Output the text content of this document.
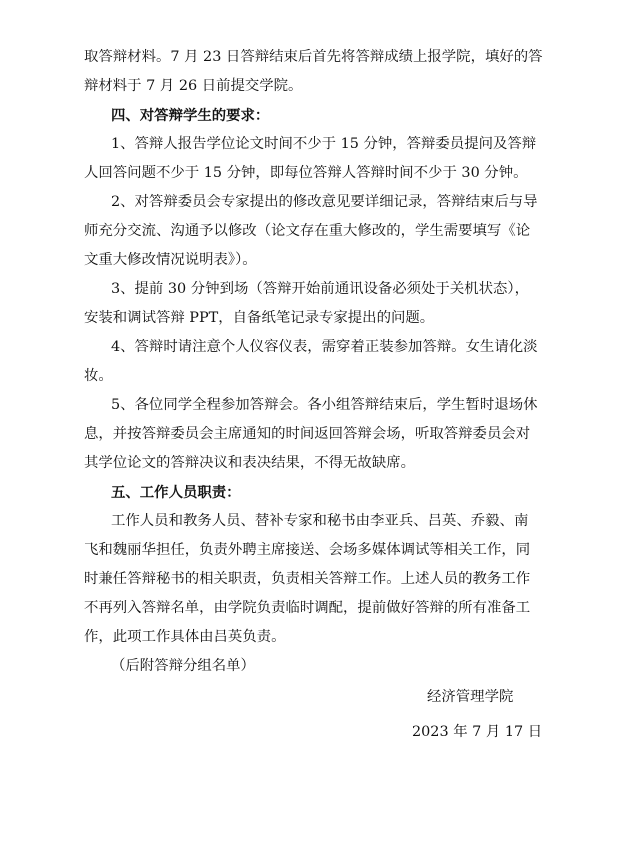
取答辩材料。7 月 23 日答辩结束后首先将答辩成绩上报学院，填好的答
辩材料于 7 月 26 日前提交学院。
四、对答辩学生的要求：
1、答辩人报告学位论文时间不少于 15 分钟，答辩委员提问及答辩
人回答问题不少于 15 分钟，即每位答辩人答辩时间不少于 30 分钟。
2、对答辩委员会专家提出的修改意见要详细记录，答辩结束后与导
师充分交流、沟通予以修改（论文存在重大修改的，学生需要填写《论
文重大修改情况说明表》）。
3、提前 30 分钟到场（答辩开始前通讯设备必须处于关机状态），
安装和调试答辩 PPT，自备纸笔记录专家提出的问题。
4、答辩时请注意个人仪容仪表，需穿着正装参加答辩。女生请化淡
妆。
5、各位同学全程参加答辩会。各小组答辩结束后，学生暂时退场休
息，并按答辩委员会主席通知的时间返回答辩会场，听取答辩委员会对
其学位论文的答辩决议和表决结果，不得无故缺席。
五、工作人员职责：
工作人员和教务人员、替补专家和秘书由李亚兵、吕英、乔毅、南
飞和魏丽华担任，负责外聘主席接送、会场多媒体调试等相关工作，同
时兼任答辩秘书的相关职责，负责相关答辩工作。上述人员的教务工作
不再列入答辩名单，由学院负责临时调配，提前做好答辩的所有准备工
作，此项工作具体由吕英负责。
（后附答辩分组名单）
经济管理学院
2023 年 7 月 17 日
